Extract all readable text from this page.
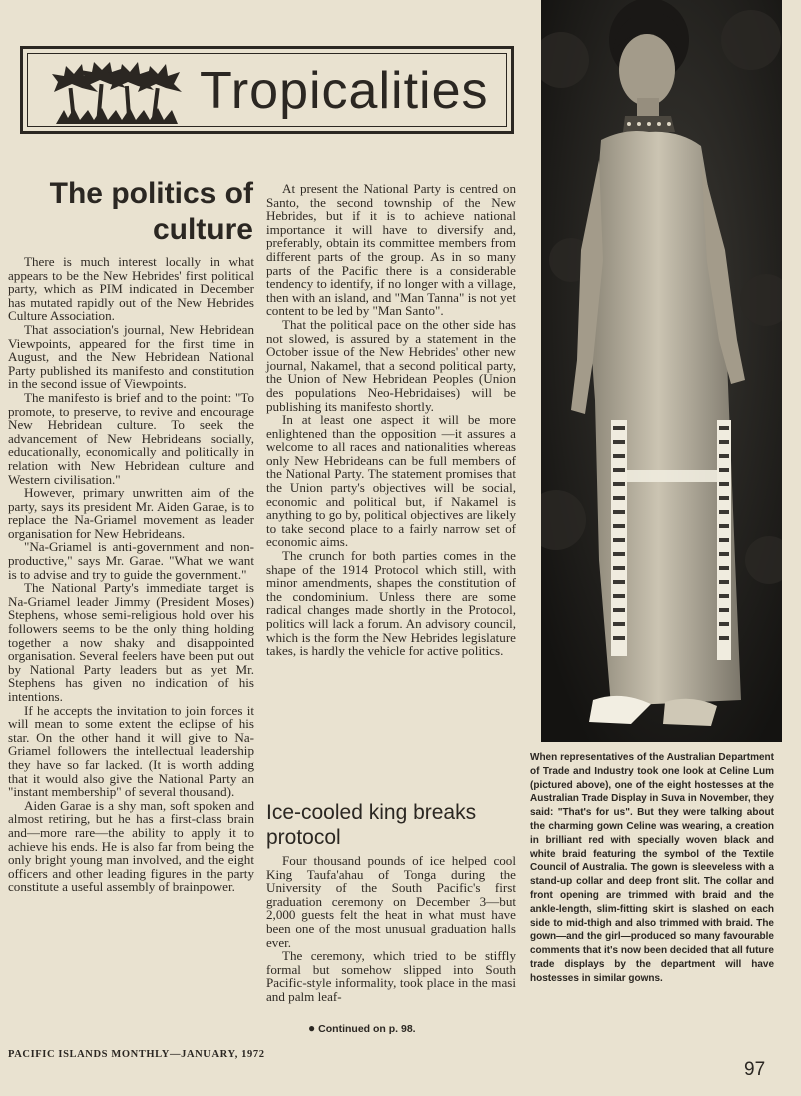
Tropicalities
The politics of culture

There is much interest locally in what appears to be the New Hebrides' first political party, which as PIM indicated in December has mutated rapidly out of the New Hebrides Culture Association.

That association's journal, New Hebridean Viewpoints, appeared for the first time in August, and the New Hebridean National Party published its manifesto and constitution in the second issue of Viewpoints.

The manifesto is brief and to the point: "To promote, to preserve, to revive and encourage New Hebridean culture. To seek the advancement of New Hebrideans socially, educationally, economically and politically in relation with New Hebridean culture and Western civilisation."

However, primary unwritten aim of the party, says its president Mr. Aiden Garae, is to replace the Na-Griamel movement as leader organisation for New Hebrideans.

"Na-Griamel is anti-government and non-productive," says Mr. Garae. "What we want is to advise and try to guide the government."

The National Party's immediate target is Na-Griamel leader Jimmy (President Moses) Stephens, whose semi-religious hold over his followers seems to be the only thing holding together a now shaky and disappointed organisation. Several feelers have been put out by National Party leaders but as yet Mr. Stephens has given no indication of his intentions.

If he accepts the invitation to join forces it will mean to some extent the eclipse of his star. On the other hand it will give to Na-Griamel followers the intellectual leadership they have so far lacked. (It is worth adding that it would also give the National Party an "instant membership" of several thousand).

Aiden Garae is a shy man, soft spoken and almost retiring, but he has a first-class brain and—more rare—the ability to apply it to achieve his ends. He is also far from being the only bright young man involved, and the eight officers and other leading figures in the party constitute a useful assembly of brainpower.

At present the National Party is centred on Santo, the second township of the New Hebrides, but if it is to achieve national importance it will have to diversify and, preferably, obtain its committee members from different parts of the group. As in so many parts of the Pacific there is a considerable tendency to identify, if no longer with a village, then with an island, and "Man Tanna" is not yet content to be led by "Man Santo".

That the political pace on the other side has not slowed, is assured by a statement in the October issue of the New Hebrides' other new journal, Nakamel, that a second political party, the Union of New Hebridean Peoples (Union des populations Neo-Hebridaises) will be publishing its manifesto shortly.

In at least one aspect it will be more enlightened than the opposition —it assures a welcome to all races and nationalities whereas only New Hebrideans can be full members of the National Party. The statement promises that the Union party's objectives will be social, economic and political but, if Nakamel is anything to go by, political objectives are likely to take second place to a fairly narrow set of economic aims.

The crunch for both parties comes in the shape of the 1914 Protocol which still, with minor amendments, shapes the constitution of the condominium. Unless there are some radical changes made shortly in the Protocol, politics will lack a forum. An advisory council, which is the form the New Hebrides legislature takes, is hardly the vehicle for active politics.

Ice-cooled king breaks protocol

Four thousand pounds of ice helped cool King Taufa'ahau of Tonga during the University of the South Pacific's first graduation ceremony on December 3—but 2,000 guests felt the heat in what must have been one of the most unusual graduation halls ever.

The ceremony, which tried to be stiffly formal but somehow slipped into South Pacific-style informality, took place in the masi and palm leaf-

● Continued on p. 98.

When representatives of the Australian Department of Trade and Industry took one look at Celine Lum (pictured above), one of the eight hostesses at the Australian Trade Display in Suva in November, they said: "That's for us". But they were talking about the charming gown Celine was wearing, a creation in brilliant red with specially woven black and white braid featuring the symbol of the Textile Council of Australia. The gown is sleeveless with a stand-up collar and deep front slit. The collar and front opening are trimmed with braid and the ankle-length, slim-fitting skirt is slashed on each side to mid-thigh and also trimmed with braid. The gown—and the girl—produced so many favourable comments that it's now been decided that all future trade displays by the department will have hostesses in similar gowns.

PACIFIC ISLANDS MONTHLY—JANUARY, 1972
97
